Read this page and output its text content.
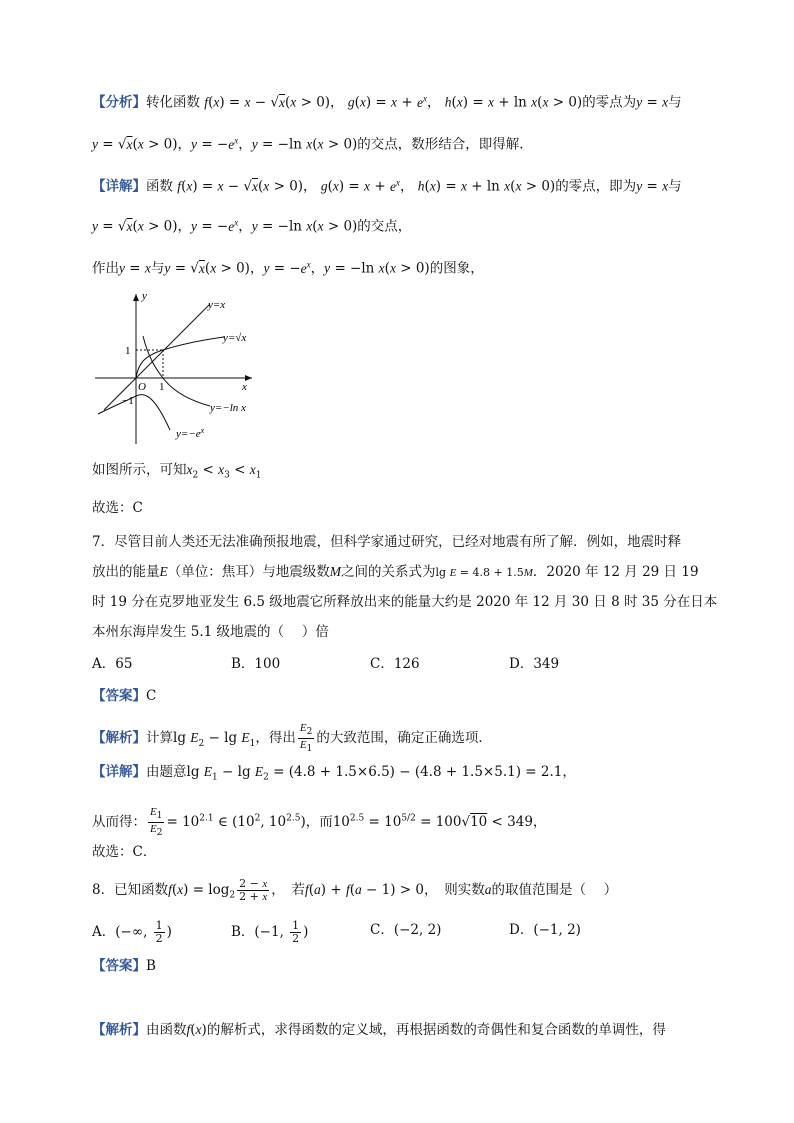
【分析】转化函数 f(x) = x − √x(x > 0)， $g(x) = x + e^x$， h(x) = x + ln x(x > 0)的零点为y = x与
y = √x(x > 0)，$y = -e^x$，y = −ln x(x > 0)的交点，数形结合，即得解.
【详解】函数 f(x) = x − √x(x > 0)， $g(x) = x + e^x$， h(x) = x + ln x(x > 0)的零点，即为y = x与
y = √x(x > 0)，$y = -e^x$，y = −ln x(x > 0)的交点，
作出y = x与y = √x(x > 0)，$y = -e^x$，y = −ln x(x > 0)的图象，
y
x
O 1
1
−1
y=x
y=√x
y=−ln x
$y=-e^x$
如图所示，可知$x_2 < x_3 < x_1$
故选：C
7．尽管目前人类还无法准确预报地震，但科学家通过研究，已经对地震有所了解．例如，地震时释
放出的能量E（单位：焦耳）与地震级数M之间的关系式为lg E = 4.8 + 1.5M．2020 年 12 月 29 日 19
时 19 分在克罗地亚发生 6.5 级地震它所释放出来的能量大约是 2020 年 12 月 30 日 8 时 35 分在日本
本州东海岸发生 5.1 级地震的（　 ）倍
A．65	B．100	C．126	D．349
【答案】C
【解析】计算$\lg E_2 - \lg E_1$，得出 $\frac{E_2}{E_1}$ 的大致范围，确定正确选项．
【详解】由题意$\lg E_1 - \lg E_2 = (4.8 + 1.5\times 6.5) - (4.8 + 1.5\times 5.1) = 2.1$，
从而得： $\frac{E_1}{E_2} = 10^{2.1}$ ∈ ($10^2$, $10^{2.5}$)，而$10^{2.5} = 10^{5/2} = 100√10 < 349$，
故选：C．
8．已知函数$f(x) = \log_2 \frac{2 - x}{2 + x}$ ，　若f(a) + f(a − 1) > 0，　则实数a的取值范围是（　 ）
A．(−∞, $\frac{1}{2}$ )	B．(−1, $\frac{1}{2}$ )	C．(−2, 2)	D．(−1, 2)
【答案】B
【解析】由函数f(x)的解析式，求得函数的定义域，再根据函数的奇偶性和复合函数的单调性，得
